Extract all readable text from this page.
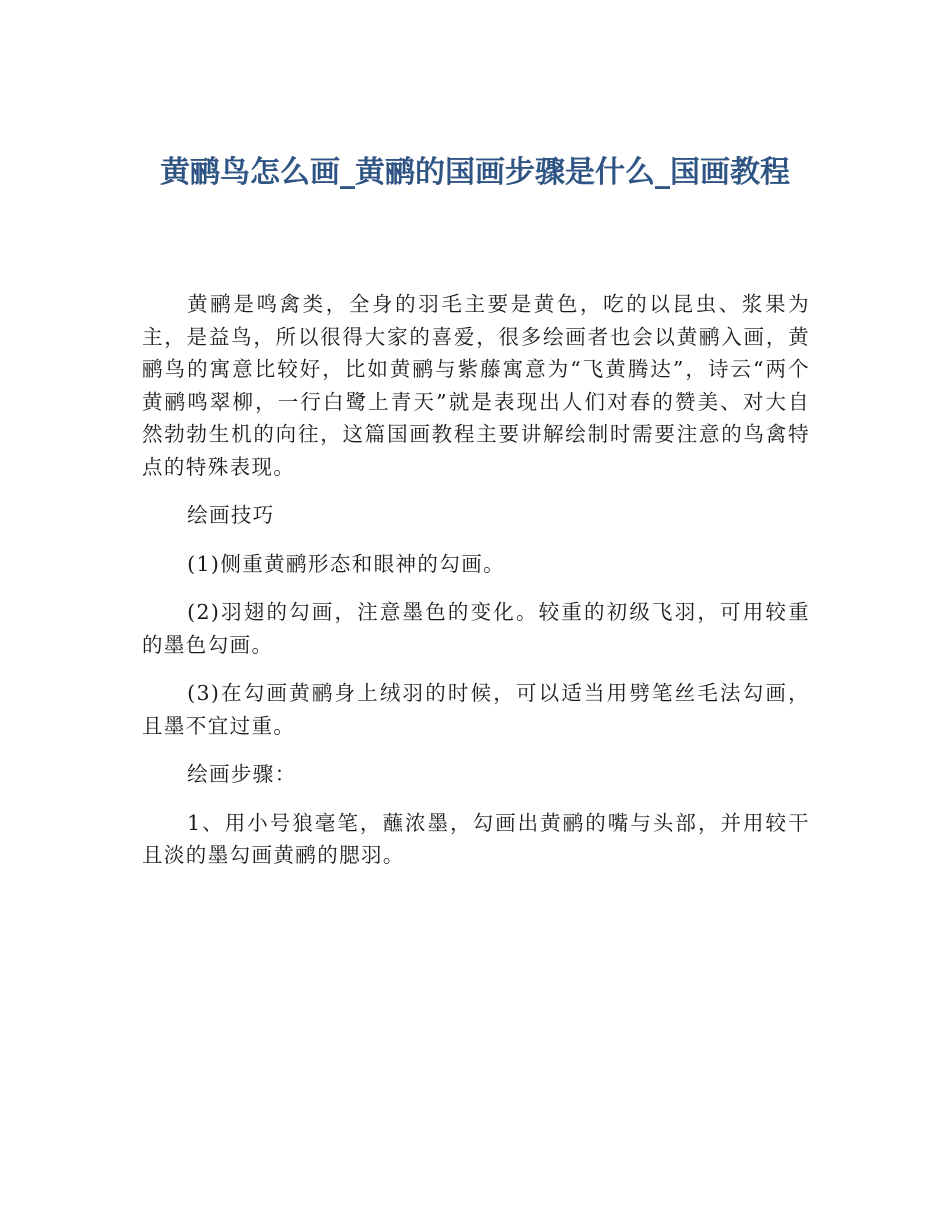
黄鹂鸟怎么画_黄鹂的国画步骤是什么_国画教程

黄鹂是鸣禽类，全身的羽毛主要是黄色，吃的以昆虫、浆果为主，是益鸟，所以很得大家的喜爱，很多绘画者也会以黄鹂入画，黄鹂鸟的寓意比较好，比如黄鹂与紫藤寓意为“飞黄腾达”，诗云“两个黄鹂鸣翠柳，一行白鹭上青天”就是表现出人们对春的赞美、对大自然勃勃生机的向往，这篇国画教程主要讲解绘制时需要注意的鸟禽特点的特殊表现。

绘画技巧

(1)侧重黄鹂形态和眼神的勾画。

(2)羽翅的勾画，注意墨色的变化。较重的初级飞羽，可用较重的墨色勾画。

(3)在勾画黄鹂身上绒羽的时候，可以适当用劈笔丝毛法勾画，且墨不宜过重。

绘画步骤：

1、用小号狼毫笔，蘸浓墨，勾画出黄鹂的嘴与头部，并用较干且淡的墨勾画黄鹂的腮羽。
